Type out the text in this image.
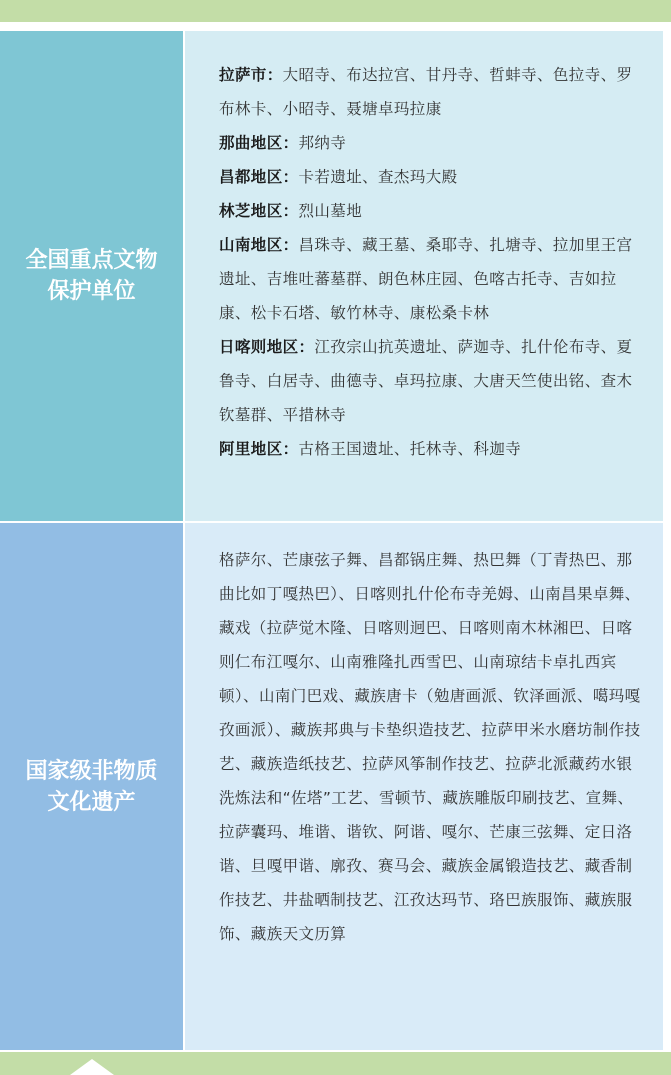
全国重点文物
保护单位

拉萨市：大昭寺、布达拉宫、甘丹寺、哲蚌寺、色拉寺、罗布林卡、小昭寺、聂塘卓玛拉康

那曲地区：邦纳寺

昌都地区：卡若遗址、查杰玛大殿

林芝地区：烈山墓地

山南地区：昌珠寺、藏王墓、桑耶寺、扎塘寺、拉加里王宫遗址、吉堆吐蕃墓群、朗色林庄园、色喀古托寺、吉如拉康、松卡石塔、敏竹林寺、康松桑卡林

日喀则地区：江孜宗山抗英遗址、萨迦寺、扎什伦布寺、夏鲁寺、白居寺、曲德寺、卓玛拉康、大唐天竺使出铭、查木钦墓群、平措林寺

阿里地区：古格王国遗址、托林寺、科迦寺

国家级非物质
文化遗产
格萨尔、芒康弦子舞、昌都锅庄舞、热巴舞（丁青热巴、那曲比如丁嘎热巴）、日喀则扎什伦布寺羌姆、山南昌果卓舞、藏戏（拉萨觉木隆、日喀则迥巴、日喀则南木林湘巴、日喀则仁布江嘎尔、山南雅隆扎西雪巴、山南琼结卡卓扎西宾顿）、山南门巴戏、藏族唐卡（勉唐画派、钦泽画派、噶玛嘎孜画派）、藏族邦典与卡垫织造技艺、拉萨甲米水磨坊制作技艺、藏族造纸技艺、拉萨风筝制作技艺、拉萨北派藏药水银洗炼法和“佐塔”工艺、雪顿节、藏族雕版印刷技艺、宣舞、拉萨囊玛、堆谐、谐钦、阿谐、嘎尔、芒康三弦舞、定日洛谐、旦嘎甲谐、廓孜、赛马会、藏族金属锻造技艺、藏香制作技艺、井盐晒制技艺、江孜达玛节、珞巴族服饰、藏族服饰、藏族天文历算
